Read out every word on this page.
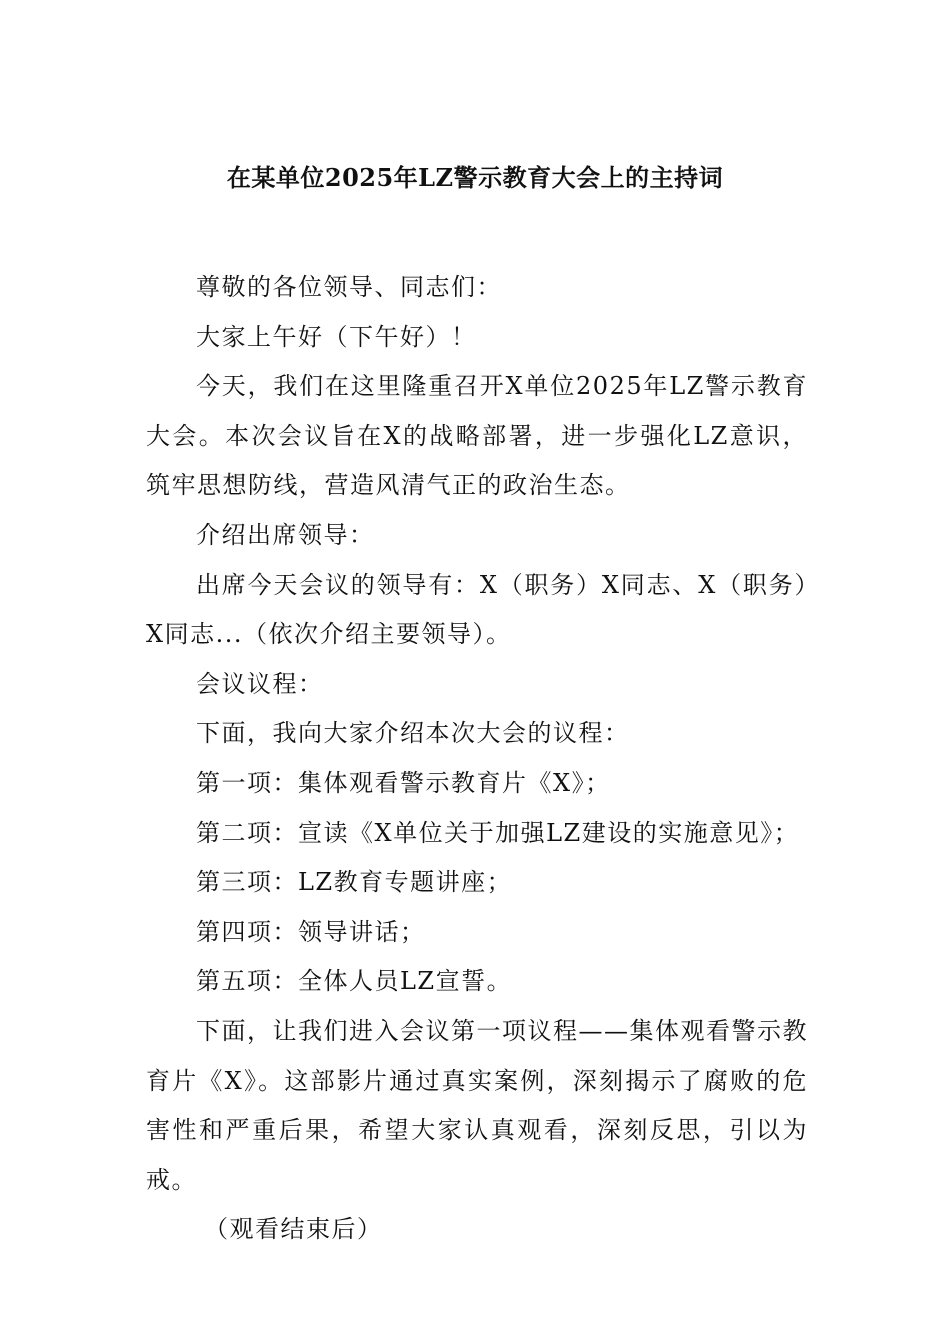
在某单位2025年LZ警示教育大会上的主持词

尊敬的各位领导、同志们：

大家上午好（下午好）！

今天，我们在这里隆重召开X单位2025年LZ警示教育大会。本次会议旨在X的战略部署，进一步强化LZ意识，筑牢思想防线，营造风清气正的政治生态。

介绍出席领导：

出席今天会议的领导有：X（职务）X同志、X（职务）X同志...（依次介绍主要领导）。

会议议程：

下面，我向大家介绍本次大会的议程：

第一项：集体观看警示教育片《X》；

第二项：宣读《X单位关于加强LZ建设的实施意见》；

第三项：LZ教育专题讲座；

第四项：领导讲话；

第五项：全体人员LZ宣誓。

下面，让我们进入会议第一项议程——集体观看警示教育片《X》。这部影片通过真实案例，深刻揭示了腐败的危害性和严重后果，希望大家认真观看，深刻反思，引以为戒。

（观看结束后）
